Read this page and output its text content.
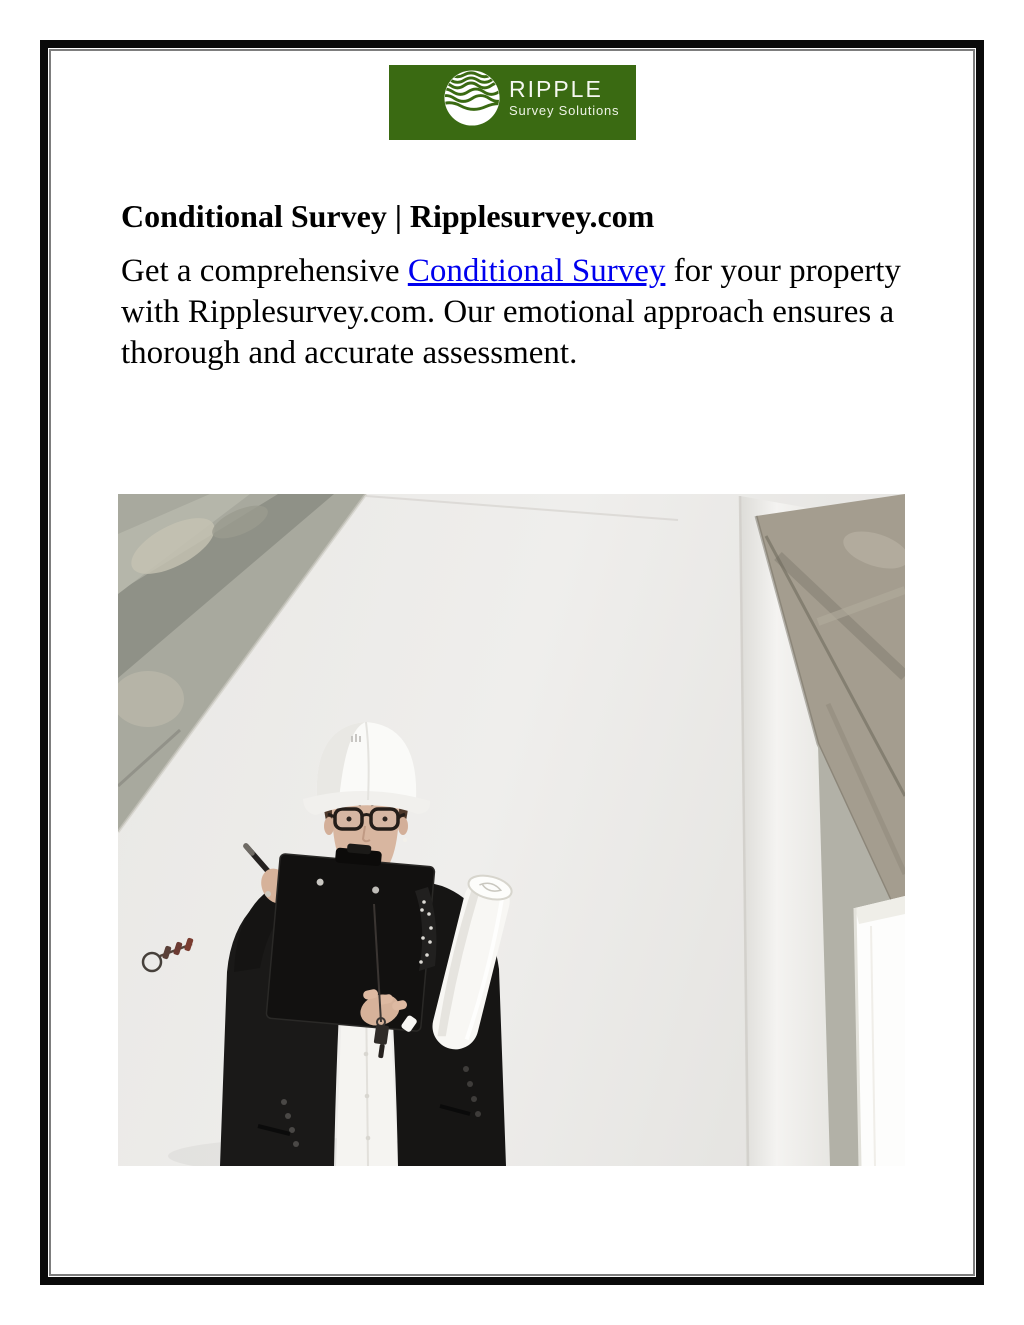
RIPPLE
Survey Solutions
Conditional Survey | Ripplesurvey.com

Get a comprehensive Conditional Survey for your property with Ripplesurvey.com. Our emotional approach ensures a thorough and accurate assessment.
